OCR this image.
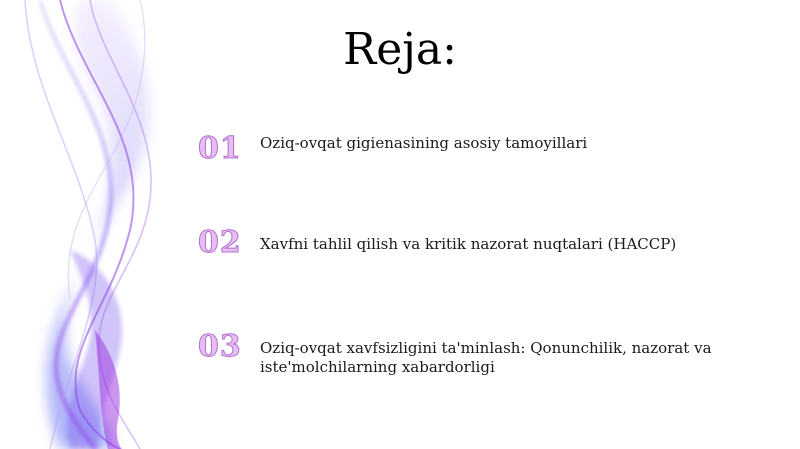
Reja:
01 Oziq-ovqat gigienasining asosiy tamoyillari
02 Xavfni tahlil qilish va kritik nazorat nuqtalari (HACCP)
03 Oziq-ovqat xavfsizligini ta'minlash: Qonunchilik, nazorat va iste'molchilarning xabardorligi
